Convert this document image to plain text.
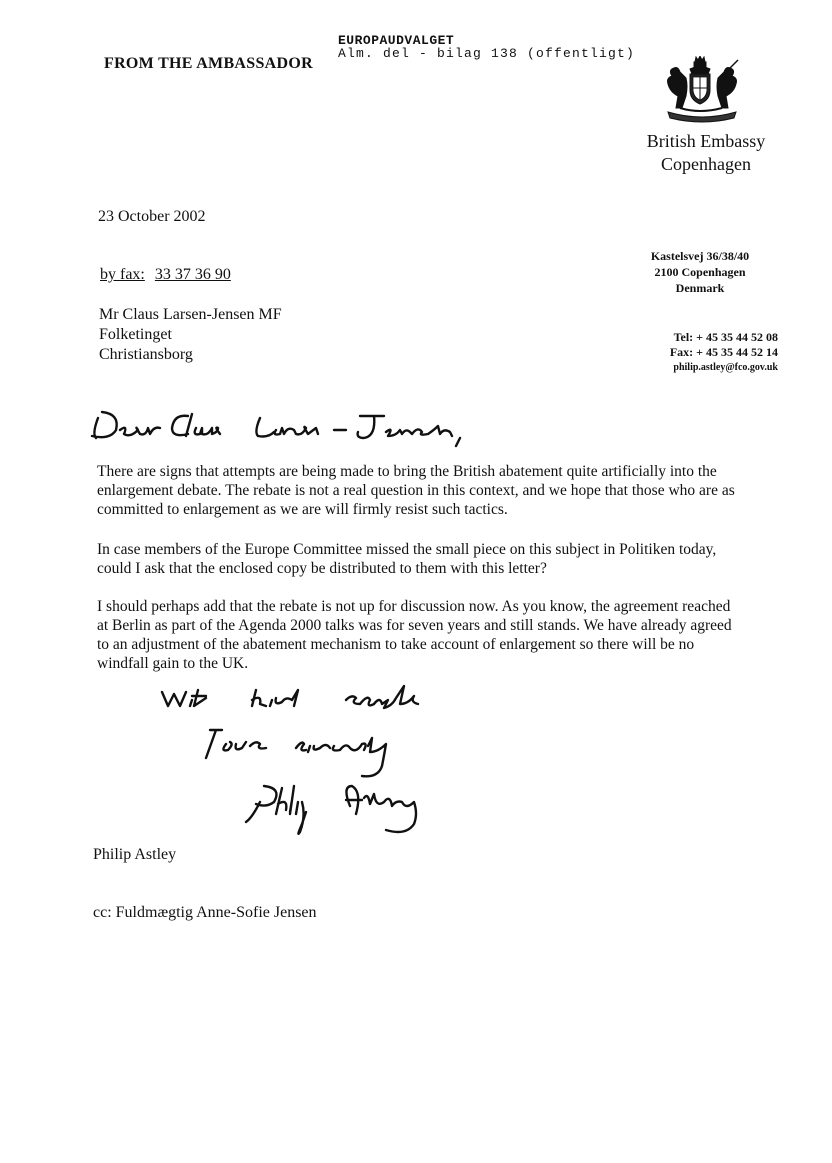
EUROPAUDVALGET
Alm. del - bilag 138 (offentligt)
FROM THE AMBASSADOR
British Embassy
Copenhagen
23 October 2002
by fax: 33 37 36 90
Kastelsvej 36/38/40
2100 Copenhagen
Denmark
Tel: + 45 35 44 52 08
Fax: + 45 35 44 52 14
philip.astley@fco.gov.uk
Mr Claus Larsen-Jensen MF
Folketinget
Christiansborg
There are signs that attempts are being made to bring the British abatement quite artificially into the enlargement debate. The rebate is not a real question in this context, and we hope that those who are as committed to enlargement as we are will firmly resist such tactics.
In case members of the Europe Committee missed the small piece on this subject in Politiken today, could I ask that the enclosed copy be distributed to them with this letter?
I should perhaps add that the rebate is not up for discussion now. As you know, the agreement reached at Berlin as part of the Agenda 2000 talks was for seven years and still stands. We have already agreed to an adjustment of the abatement mechanism to take account of enlargement so there will be no windfall gain to the UK.
Philip Astley
cc: Fuldmægtig Anne-Sofie Jensen
